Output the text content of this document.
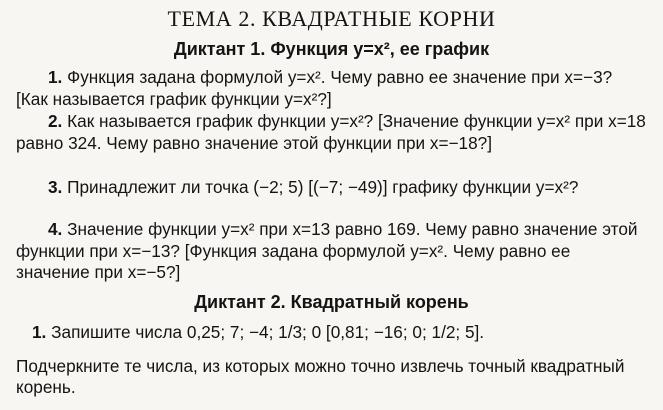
ТЕМА 2. КВАДРАТНЫЕ КОРНИ
Диктант 1. Функция y=x², ее график
1. Функция задана формулой y=x². Чему равно ее значение при x=−3? [Как называется график функции y=x²?]
2. Как называется график функции y=x²? [Значение функции y=x² при x=18 равно 324. Чему равно значение этой функции при x=−18?]
3. Принадлежит ли точка (−2; 5) [(−7; −49)] графику функции y=x²?
4. Значение функции y=x² при x=13 равно 169. Чему равно значение этой функции при x=−13? [Функция задана формулой y=x². Чему равно ее значение при x=−5?]
Диктант 2. Квадратный корень
1. Запишите числа 0,25; 7; −4; 1/3; 0 [0,81; −16; 0; 1/2; 5].
Подчеркните те числа, из которых можно точно извлечь точный квадратный корень.
